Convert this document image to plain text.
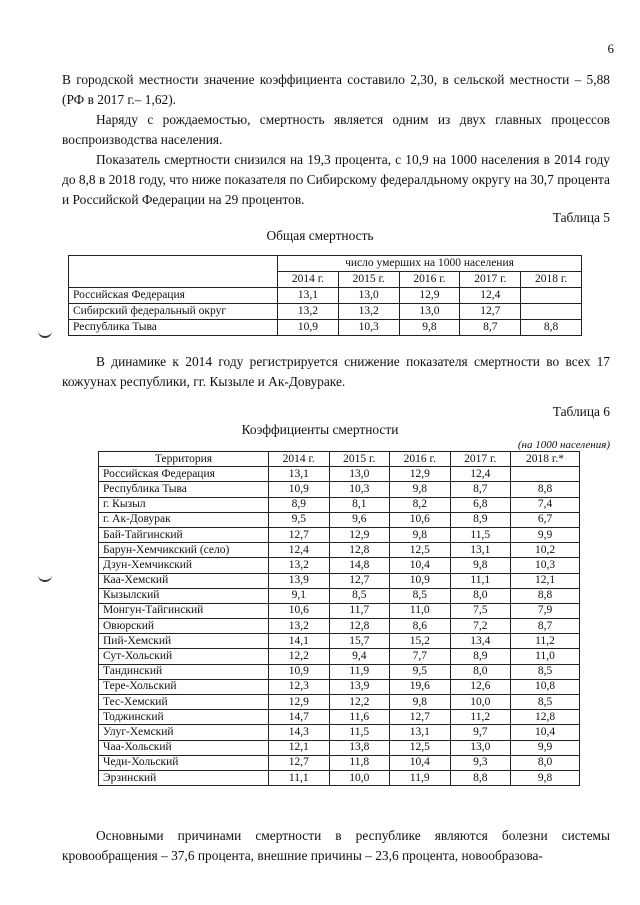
6

В городской местности значение коэффициента составило 2,30, в сельской местности – 5,88 (РФ в 2017 г.– 1,62).

Наряду с рождаемостью, смертность является одним из двух главных процессов воспроизводства населения.

Показатель смертности снизился на 19,3 процента, с 10,9 на 1000 населения в 2014 году до 8,8 в 2018 году, что ниже показателя по Сибирскому федералдьному округу на 30,7 процента и Российской Федерации на 29 процентов.

Таблица 5
Общая смертность
	число умерших на 1000 населения				
	2014 г.	2015 г.	2016 г.	2017 г.	2018 г.
Российская Федерация	13,1	13,0	12,9	12,4	
Сибирский федеральный округ	13,2	13,2	13,0	12,7	
Республика Тыва	10,9	10,3	9,8	8,7	8,8

В динамике к 2014 году регистрируется снижение показателя смертности во всех 17 кожуунах республики, гг. Кызыле и Ак-Довураке.

Таблица 6
Коэффициенты смертности
(на 1000 населения)
Территория	2014 г.	2015 г.	2016 г.	2017 г.	2018 г.*
Российская Федерация	13,1	13,0	12,9	12,4	
Республика Тыва	10,9	10,3	9,8	8,7	8,8
г. Кызыл	8,9	8,1	8,2	6,8	7,4
г. Ак-Довурак	9,5	9,6	10,6	8,9	6,7
Бай-Тайгинский	12,7	12,9	9,8	11,5	9,9
Барун-Хемчикский (село)	12,4	12,8	12,5	13,1	10,2
Дзун-Хемчикский	13,2	14,8	10,4	9,8	10,3
Каа-Хемский	13,9	12,7	10,9	11,1	12,1
Кызылский	9,1	8,5	8,5	8,0	8,8
Монгун-Тайгинский	10,6	11,7	11,0	7,5	7,9
Овюрский	13,2	12,8	8,6	7,2	8,7
Пий-Хемский	14,1	15,7	15,2	13,4	11,2
Сут-Хольский	12,2	9,4	7,7	8,9	11,0
Тандинский	10,9	11,9	9,5	8,0	8,5
Тере-Хольский	12,3	13,9	19,6	12,6	10,8
Тес-Хемский	12,9	12,2	9,8	10,0	8,5
Тоджинский	14,7	11,6	12,7	11,2	12,8
Улуг-Хемский	14,3	11,5	13,1	9,7	10,4
Чаа-Хольский	12,1	13,8	12,5	13,0	9,9
Чеди-Хольский	12,7	11,8	10,4	9,3	8,0
Эрзинский	11,1	10,0	11,9	8,8	9,8

Основными причинами смертности в республике являются болезни системы кровообращения – 37,6 процента, внешние причины – 23,6 процента, новообразова-
